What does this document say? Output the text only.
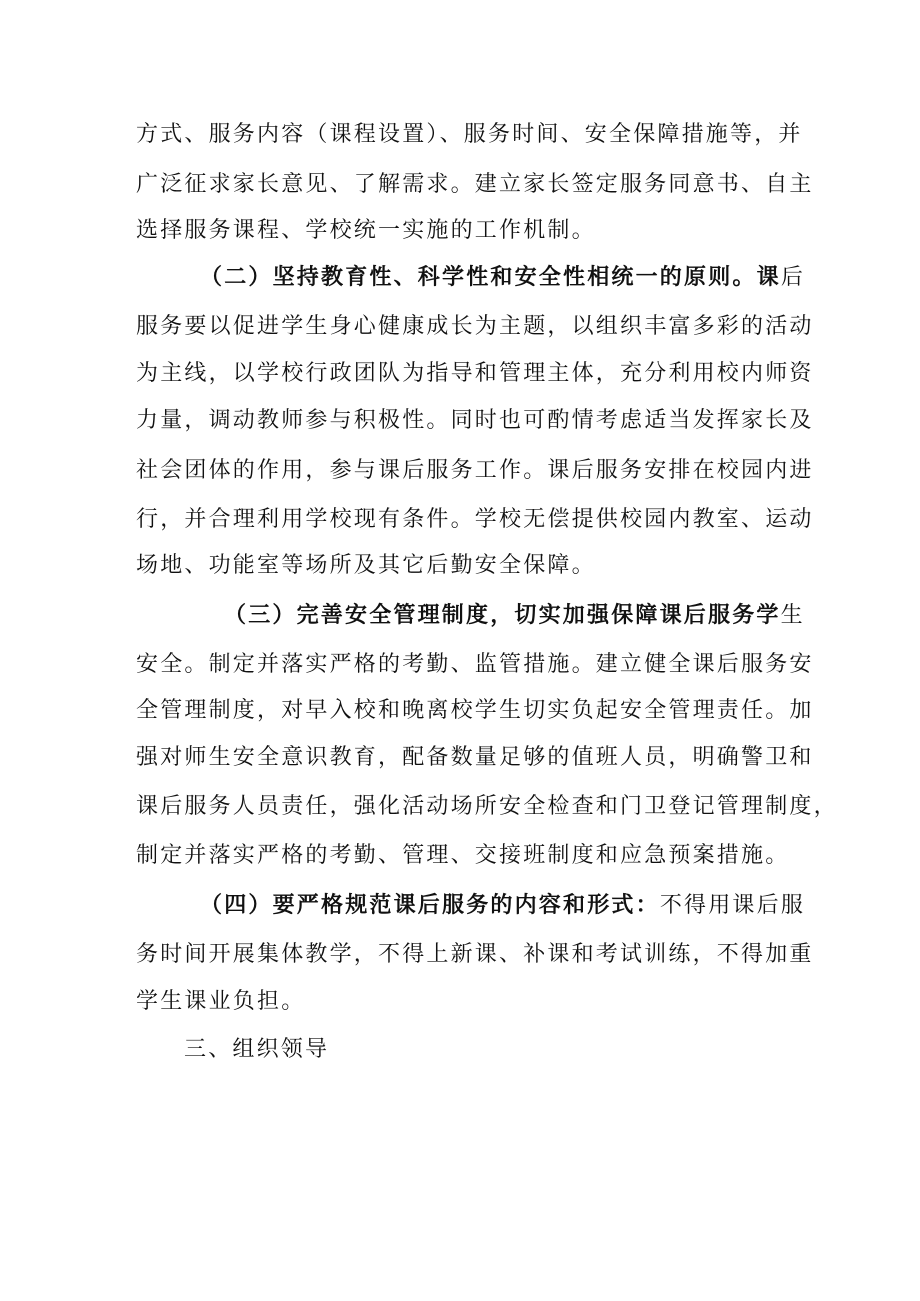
方式、服务内容（课程设置）、服务时间、安全保障措施等，并
广泛征求家长意见、了解需求。建立家长签定服务同意书、自主
选择服务课程、学校统一实施的工作机制。
（二）坚持教育性、科学性和安全性相统一的原则。课后
服务要以促进学生身心健康成长为主题，以组织丰富多彩的活动
为主线，以学校行政团队为指导和管理主体，充分利用校内师资
力量，调动教师参与积极性。同时也可酌情考虑适当发挥家长及
社会团体的作用，参与课后服务工作。课后服务安排在校园内进
行，并合理利用学校现有条件。学校无偿提供校园内教室、运动
场地、功能室等场所及其它后勤安全保障。
（三）完善安全管理制度，切实加强保障课后服务学生
安全。制定并落实严格的考勤、监管措施。建立健全课后服务安
全管理制度，对早入校和晚离校学生切实负起安全管理责任。加
强对师生安全意识教育，配备数量足够的值班人员，明确警卫和
课后服务人员责任，强化活动场所安全检查和门卫登记管理制度，
制定并落实严格的考勤、管理、交接班制度和应急预案措施。
（四）要严格规范课后服务的内容和形式：不得用课后服
务时间开展集体教学，不得上新课、补课和考试训练，不得加重
学生课业负担。
三、组织领导
